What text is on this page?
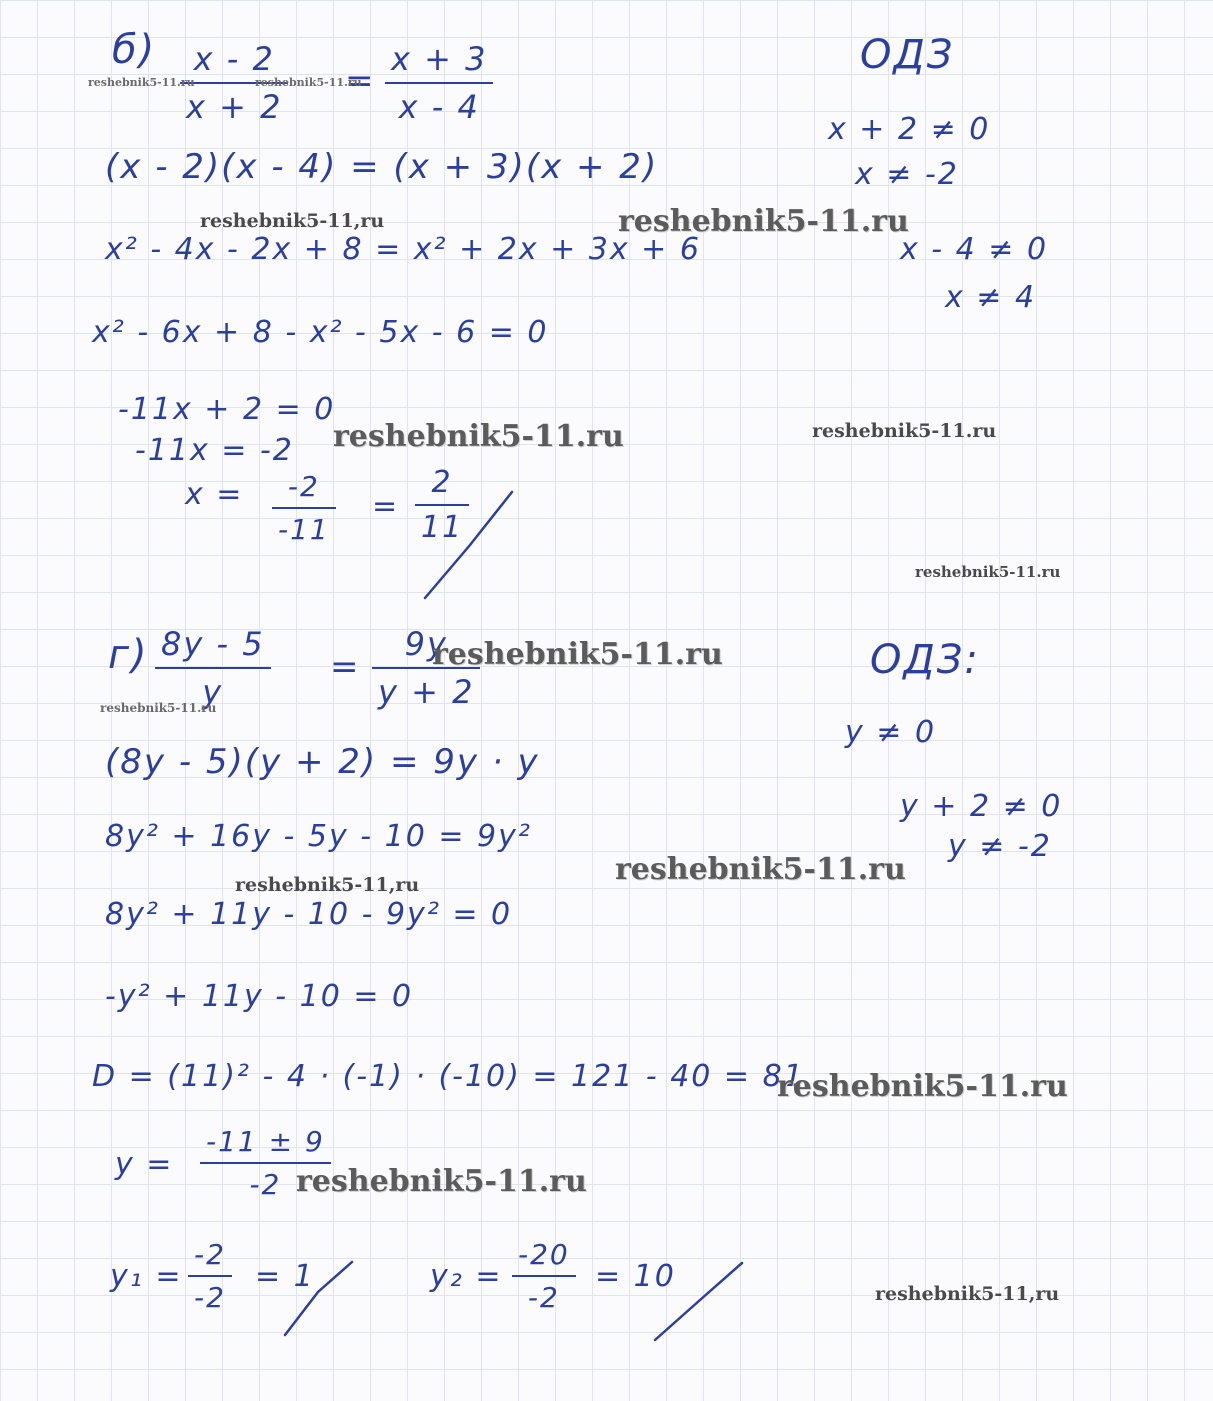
б) x - 2
x + 2
=
x + 3
x - 4
(x - 2)(x - 4) = (x + 3)(x + 2)
x² - 4x - 2x + 8 = x² + 2x + 3x + 6
x² - 6x + 8 - x² - 5x - 6 = 0
-11x + 2 = 0
-11x = -2
x = -2
-11
=
2
11
ОДЗ
x + 2 ≠ 0
x ≠ -2
x - 4 ≠ 0
x ≠ 4
г) 8y - 5
y
=
9y
y + 2
(8y - 5)(y + 2) = 9y · y
8y² + 16y - 5y - 10 = 9y²
8y² + 11y - 10 - 9y² = 0
-y² + 11y - 10 = 0
D = (11)² - 4 · (-1) · (-10) = 121 - 40 = 81
y =
-11 ± 9
-2
y₁ =
-2
-2
= 1	y₂ =
-20
-2
= 10
ОДЗ:
y ≠ 0
y + 2 ≠ 0
y ≠ -2
reshebnik5-11.ru	reshebnik5-11.ru
reshebnik5-11,ru	reshebnik5-11.ru
reshebnik5-11.ru	reshebnik5-11.ru
reshebnik5-11.ru
reshebnik5-11.ru
reshebnik5-11.ru
reshebnik5-11.ru
reshebnik5-11,ru
reshebnik5-11.ru
reshebnik5-11.ru
reshebnik5-11,ru
